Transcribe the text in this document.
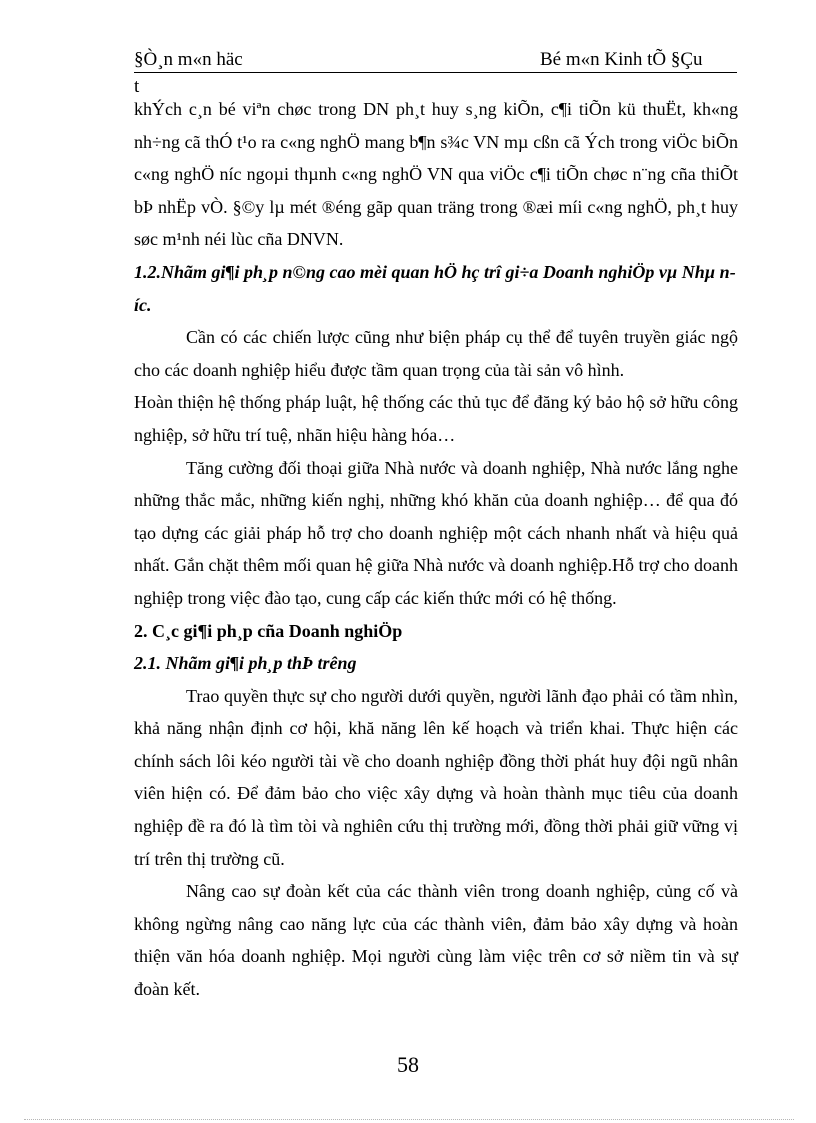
§Ò¸n m«n häc	Bé m«n Kinh tÕ §Çu
t

khÝch c¸n bé viªn chøc trong DN ph¸t huy s¸ng kiÕn, c¶i tiÕn kü thuËt, kh«ng nh÷ng cã thÓ t¹o ra c«ng nghÖ mang b¶n s¾c VN mµ cßn cã Ých trong viÖc biÕn c«ng nghÖ níc ngoµi thµnh c«ng nghÖ VN qua viÖc c¶i tiÕn chøc n¨ng cña thiÕt bÞ nhËp vÒ. §©y lµ mét ®éng gãp quan träng trong ®æi míi c«ng nghÖ, ph¸t huy søc m¹nh néi lùc cña DNVN.

1.2.Nhãm gi¶i ph¸p n©ng cao mèi quan hÖ hç trî gi÷a Doanh nghiÖp vµ Nhµ níc.

Cần có các chiến lược cũng như biện pháp cụ thể để tuyên truyền giác ngộ cho các doanh nghiệp hiểu được tầm quan trọng của tài sản vô hình.

Hoàn thiện hệ thống pháp luật, hệ thống các thủ tục để đăng ký bảo hộ sở hữu công nghiệp, sở hữu trí tuệ, nhãn hiệu hàng hóa…

Tăng cường đối thoại giữa Nhà nước và doanh nghiệp, Nhà nước lắng nghe những thắc mắc, những kiến nghị, những khó khăn của doanh nghiệp… để qua đó tạo dựng các giải pháp hỗ trợ cho doanh nghiệp một cách nhanh nhất và hiệu quả nhất. Gắn chặt thêm mối quan hệ giữa Nhà nước và doanh nghiệp.Hỗ trợ cho doanh nghiệp trong việc đào tạo, cung cấp các kiến thức mới có hệ thống.

2. C¸c gi¶i ph¸p cña Doanh nghiÖp

2.1. Nhãm gi¶i ph¸p thÞ trêng

Trao quyền thực sự cho người dưới quyền, người lãnh đạo phải có tầm nhìn, khả năng nhận định cơ hội, khă năng lên kế hoạch và triển khai. Thực hiện các chính sách lôi kéo người tài về cho doanh nghiệp đồng thời phát huy đội ngũ nhân viên hiện có. Để đảm bảo cho việc xây dựng và hoàn thành mục tiêu của doanh nghiệp đề ra đó là tìm tòi và nghiên cứu thị trường mới, đồng thời phải giữ vững vị trí trên thị trường cũ.

Nâng cao sự đoàn kết của các thành viên trong doanh nghiệp, củng cố và không ngừng nâng cao năng lực của các thành viên, đảm bảo xây dựng và hoàn thiện văn hóa doanh nghiệp. Mọi người cùng làm việc trên cơ sở niềm tin và sự đoàn kết.

58
